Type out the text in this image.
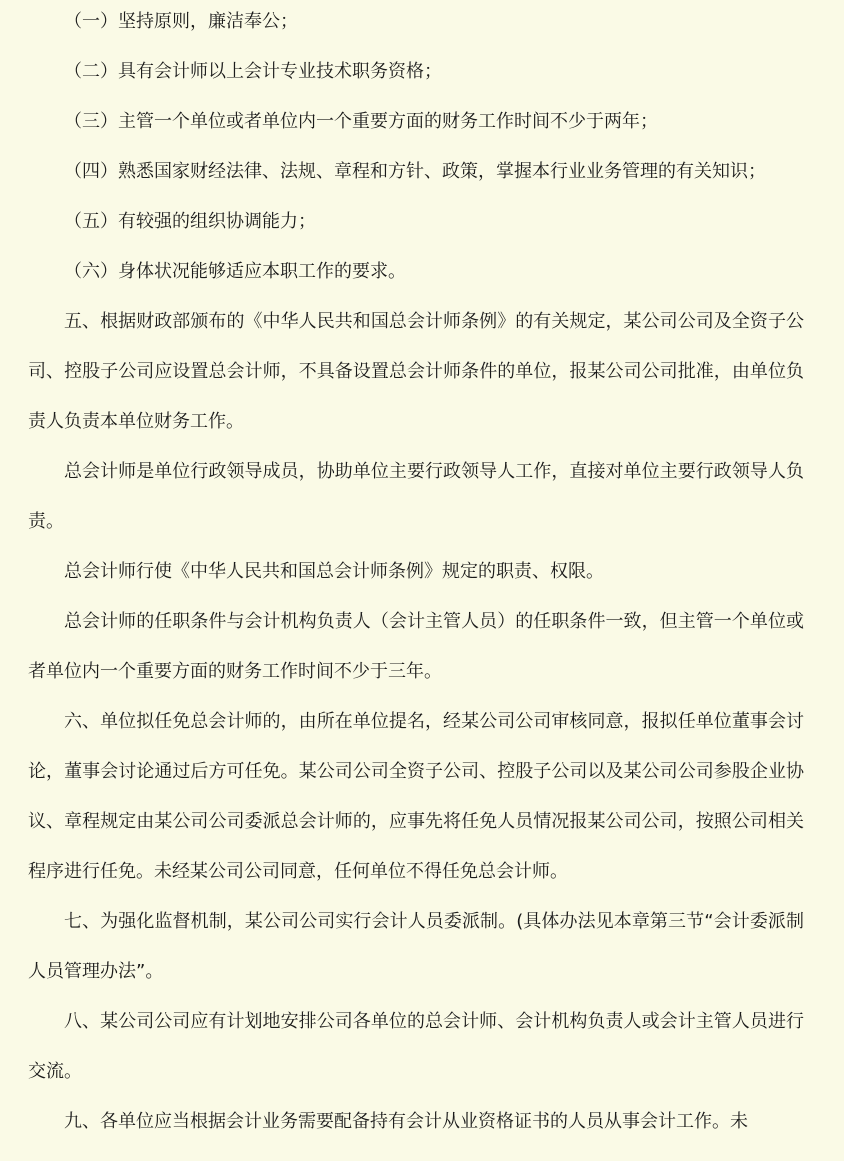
（一）坚持原则，廉洁奉公；

（二）具有会计师以上会计专业技术职务资格；

（三）主管一个单位或者单位内一个重要方面的财务工作时间不少于两年；

（四）熟悉国家财经法律、法规、章程和方针、政策，掌握本行业业务管理的有关知识；

（五）有较强的组织协调能力；

（六）身体状况能够适应本职工作的要求。

五、根据财政部颁布的《中华人民共和国总会计师条例》的有关规定，某公司公司及全资子公司、控股子公司应设置总会计师，不具备设置总会计师条件的单位，报某公司公司批准，由单位负责人负责本单位财务工作。

总会计师是单位行政领导成员，协助单位主要行政领导人工作，直接对单位主要行政领导人负责。

总会计师行使《中华人民共和国总会计师条例》规定的职责、权限。

总会计师的任职条件与会计机构负责人（会计主管人员）的任职条件一致，但主管一个单位或者单位内一个重要方面的财务工作时间不少于三年。

六、单位拟任免总会计师的，由所在单位提名，经某公司公司审核同意，报拟任单位董事会讨论，董事会讨论通过后方可任免。某公司公司全资子公司、控股子公司以及某公司公司参股企业协议、章程规定由某公司公司委派总会计师的，应事先将任免人员情况报某公司公司，按照公司相关程序进行任免。未经某公司公司同意，任何单位不得任免总会计师。

七、为强化监督机制，某公司公司实行会计人员委派制。(具体办法见本章第三节“会计委派制人员管理办法”。

八、某公司公司应有计划地安排公司各单位的总会计师、会计机构负责人或会计主管人员进行交流。

九、各单位应当根据会计业务需要配备持有会计从业资格证书的人员从事会计工作。未
